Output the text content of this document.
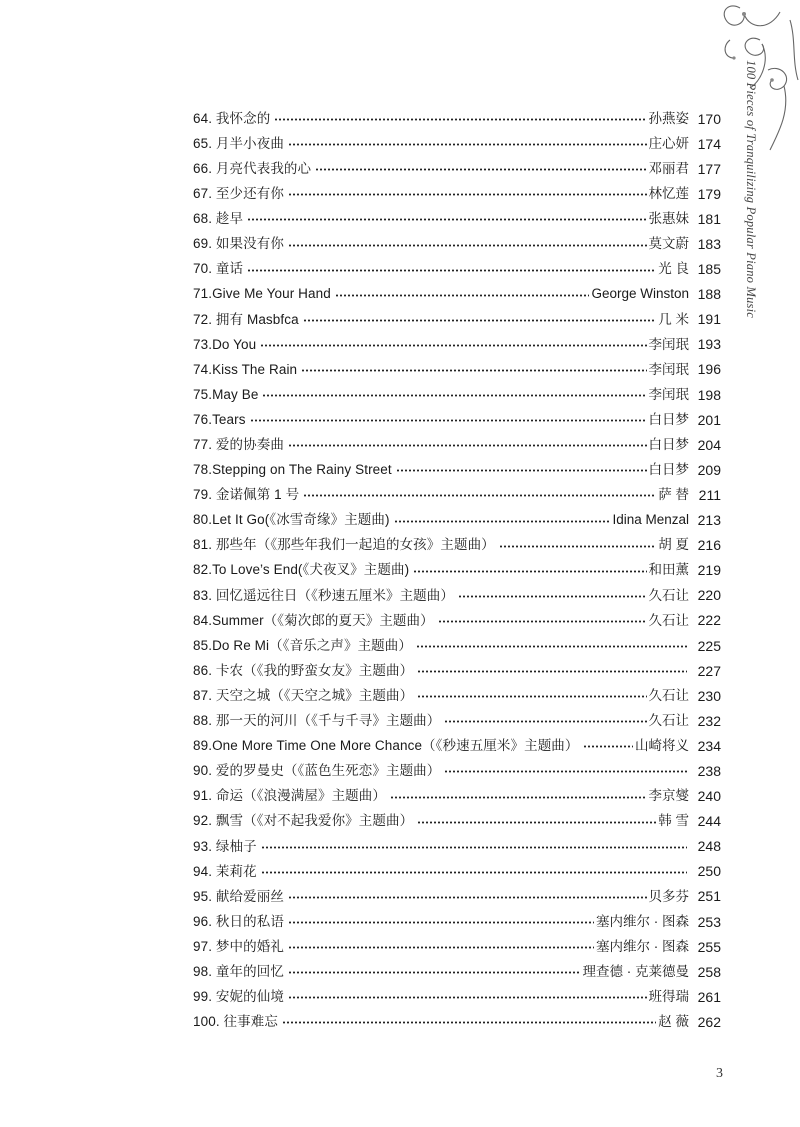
100 Pieces of Tranquilizing Popular Piano Music
64. 我怀念的	孙燕姿 170
65. 月半小夜曲	庄心妍 174
66. 月亮代表我的心	邓丽君 177
67. 至少还有你	林忆莲 179
68. 趁早	张惠妹 181
69. 如果没有你	莫文蔚 183
70. 童话	光 良 185
71.Give Me Your Hand	George Winston 188
72. 拥有 Masbfca	几 米 191
73.Do You	李闰珉 193
74.Kiss The Rain	李闰珉 196
75.May Be	李闰珉 198
76.Tears	白日梦 201
77. 爱的协奏曲	白日梦 204
78.Stepping on The Rainy Street	白日梦 209
79. 金诺佩第 1 号	萨 替 211
80.Let It Go(《冰雪奇缘》主题曲)	Idina Menzal 213
81. 那些年（《那些年我们一起追的女孩》主题曲）	胡 夏 216
82.To Love’s End(《犬夜叉》主题曲)	和田薰 219
83. 回忆遥远往日（《秒速五厘米》主题曲）	久石让 220
84.Summer（《菊次郎的夏天》主题曲）	久石让 222
85.Do Re Mi（《音乐之声》主题曲）	225
86. 卡农（《我的野蛮女友》主题曲）	227
87. 天空之城（《天空之城》主题曲）	久石让 230
88. 那一天的河川（《千与千寻》主题曲）	久石让 232
89.One More Time One More Chance（《秒速五厘米》主题曲）	山崎将义 234
90. 爱的罗曼史（《蓝色生死恋》主题曲）	238
91. 命运（《浪漫满屋》主题曲）	李京燮 240
92. 飘雪（《对不起我爱你》主题曲）	韩 雪 244
93. 绿柚子	248
94. 茉莉花	250
95. 献给爱丽丝	贝多芬 251
96. 秋日的私语	塞内维尔 · 图森 253
97. 梦中的婚礼	塞内维尔 · 图森 255
98. 童年的回忆	理查德 · 克莱德曼 258
99. 安妮的仙境	班得瑞 261
100. 往事难忘	赵 薇 262
3
